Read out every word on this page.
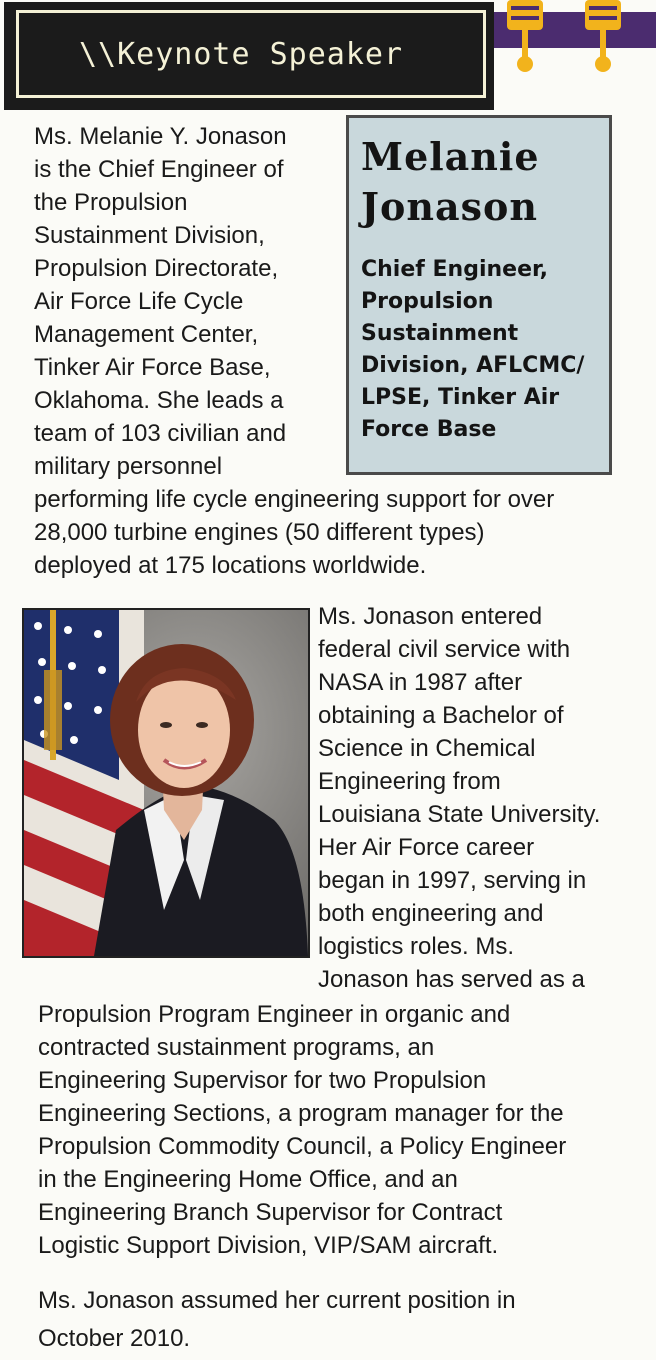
\\Keynote Speaker
Melanie
Jonason
Chief Engineer,
Propulsion
Sustainment
Division, AFLCMC/
LPSE, Tinker Air
Force Base
Ms. Melanie Y. Jonason
is the Chief Engineer of
the Propulsion
Sustainment Division,
Propulsion Directorate,
Air Force Life Cycle
Management Center,
Tinker Air Force Base,
Oklahoma. She leads a
team of 103 civilian and
military personnel
performing life cycle engineering support for over
28,000 turbine engines (50 different types)
deployed at 175 locations worldwide.
Ms. Jonason entered
federal civil service with
NASA in 1987 after
obtaining a Bachelor of
Science in Chemical
Engineering from
Louisiana State University.
Her Air Force career
began in 1997, serving in
both engineering and
logistics roles. Ms.
Jonason has served as a
Propulsion Program Engineer in organic and
contracted sustainment programs, an
Engineering Supervisor for two Propulsion
Engineering Sections, a program manager for the
Propulsion Commodity Council, a Policy Engineer
in the Engineering Home Office, and an
Engineering Branch Supervisor for Contract
Logistic Support Division, VIP/SAM aircraft.
Ms. Jonason assumed her current position in
October 2010.
